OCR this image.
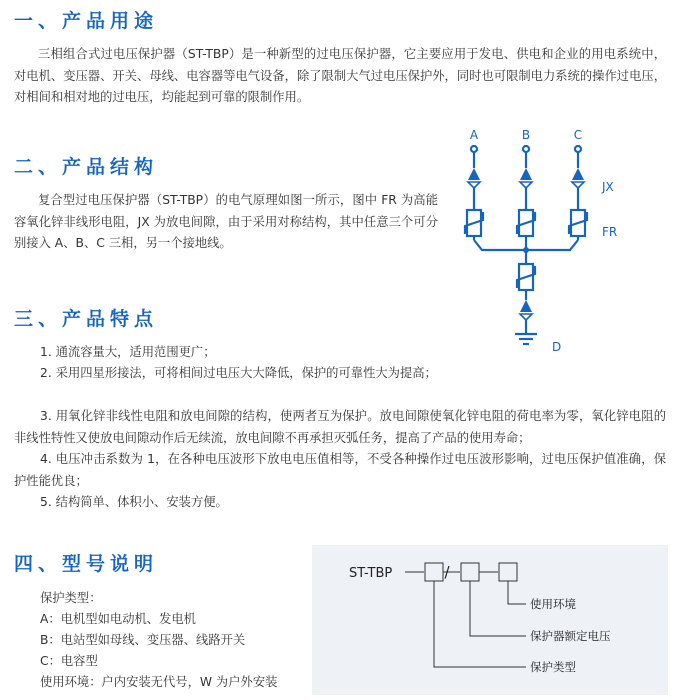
一、产品用途

三相组合式过电压保护器（ST-TBP）是一种新型的过电压保护器，它主要应用于发电、供电和企业的用电系统中，对电机、变压器、开关、母线、电容器等电气设备，除了限制大气过电压保护外，同时也可限制电力系统的操作过电压，对相间和相对地的过电压，均能起到可靠的限制作用。

二、产品结构

复合型过电压保护器（ST-TBP）的电气原理如图一所示，图中 FR 为高能容氧化锌非线形电阻，JX 为放电间隙，由于采用对称结构，其中任意三个可分别接入 A、B、C 三相，另一个接地线。

A	B	C
JX
FR
D
三、产品特点

1. 通流容量大，适用范围更广；

2. 采用四星形接法，可将相间过电压大大降低，保护的可靠性大为提高；

3. 用氧化锌非线性电阻和放电间隙的结构，使两者互为保护。放电间隙使氧化锌电阻的荷电率为零，氧化锌电阻的非线性特性又使放电间隙动作后无续流，放电间隙不再承担灭弧任务，提高了产品的使用寿命；

4. 电压冲击系数为 1，在各种电压波形下放电电压值相等，不受各种操作过电压波形影响，过电压保护值准确，保护性能优良；

5. 结构简单、体积小、安装方便。

四、型号说明

保护类型：

A：电机型如电动机、发电机

B：电站型如母线、变压器、线路开关

C：电容型

使用环境：户内安装无代号，W 为户外安装

ST-TBP	/
使用环境
保护器额定电压
保护类型
